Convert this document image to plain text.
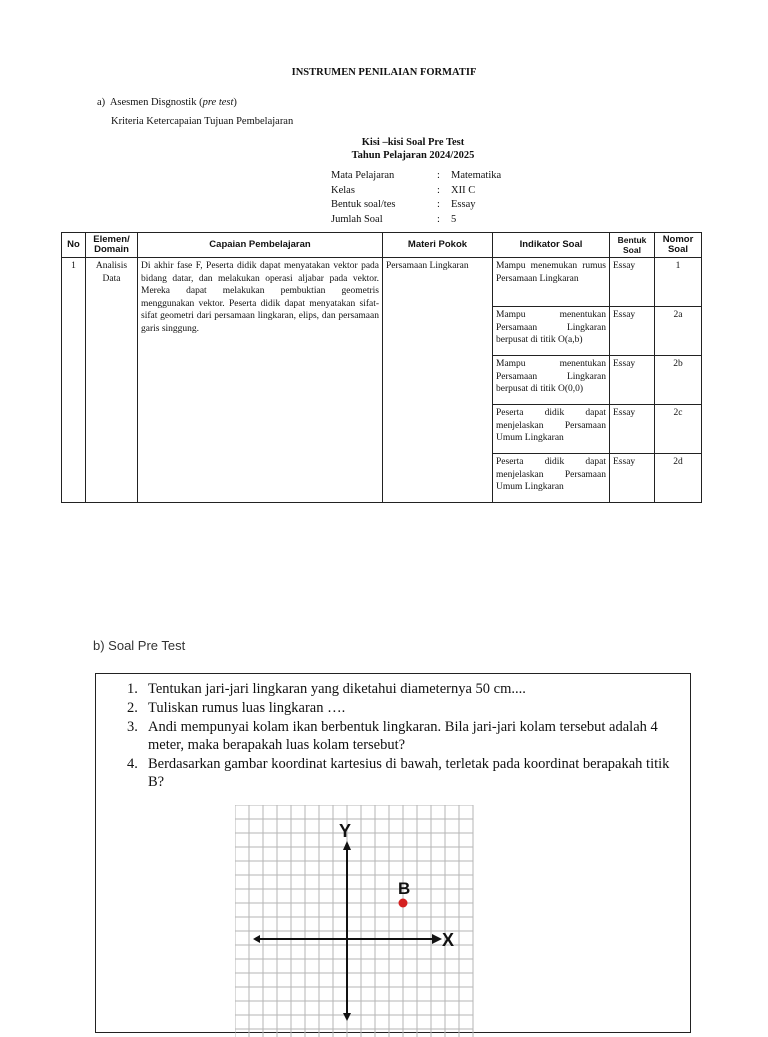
INSTRUMEN PENILAIAN FORMATIF
a) Asesmen Disgnostik (pre test)
Kriteria Ketercapaian Tujuan Pembelajaran
Kisi –kisi Soal Pre Test
Tahun Pelajaran 2024/2025
Mata Pelajaran	:	Matematika
Kelas	:	XII C
Bentuk soal/tes	:	Essay
Jumlah Soal	:	5
No	Elemen/ Domain	Capaian Pembelajaran	Materi Pokok	Indikator Soal	Bentuk Soal	Nomor Soal
1	Analisis Data	Di akhir fase F, Peserta didik dapat menyatakan vektor pada bidang datar, dan melakukan operasi aljabar pada vektor. Mereka dapat melakukan pembuktian geometris menggunakan vektor. Peserta didik dapat menyatakan sifat-sifat geometri dari persamaan lingkaran, elips, dan persamaan garis singgung.	Persamaan Lingkaran	Mampu menemukan rumus Persamaan Lingkaran	Essay	1
				Mampu menentukan Persamaan Lingkaran berpusat di titik O(a,b)	Essay	2a
				Mampu menentukan Persamaan Lingkaran berpusat di titik O(0,0)	Essay	2b
				Peserta didik dapat menjelaskan Persamaan Umum Lingkaran	Essay	2c
				Peserta didik dapat menjelaskan Persamaan Umum Lingkaran	Essay	2d
b) Soal Pre Test
1. Tentukan jari-jari lingkaran yang diketahui diameternya 50 cm....
2. Tuliskan rumus luas lingkaran ….
3. Andi mempunyai kolam ikan berbentuk lingkaran. Bila jari-jari kolam tersebut adalah 4 meter, maka berapakah luas kolam tersebut?
4. Berdasarkan gambar koordinat kartesius di bawah, terletak pada koordinat berapakah titik B?
Y
X
B
